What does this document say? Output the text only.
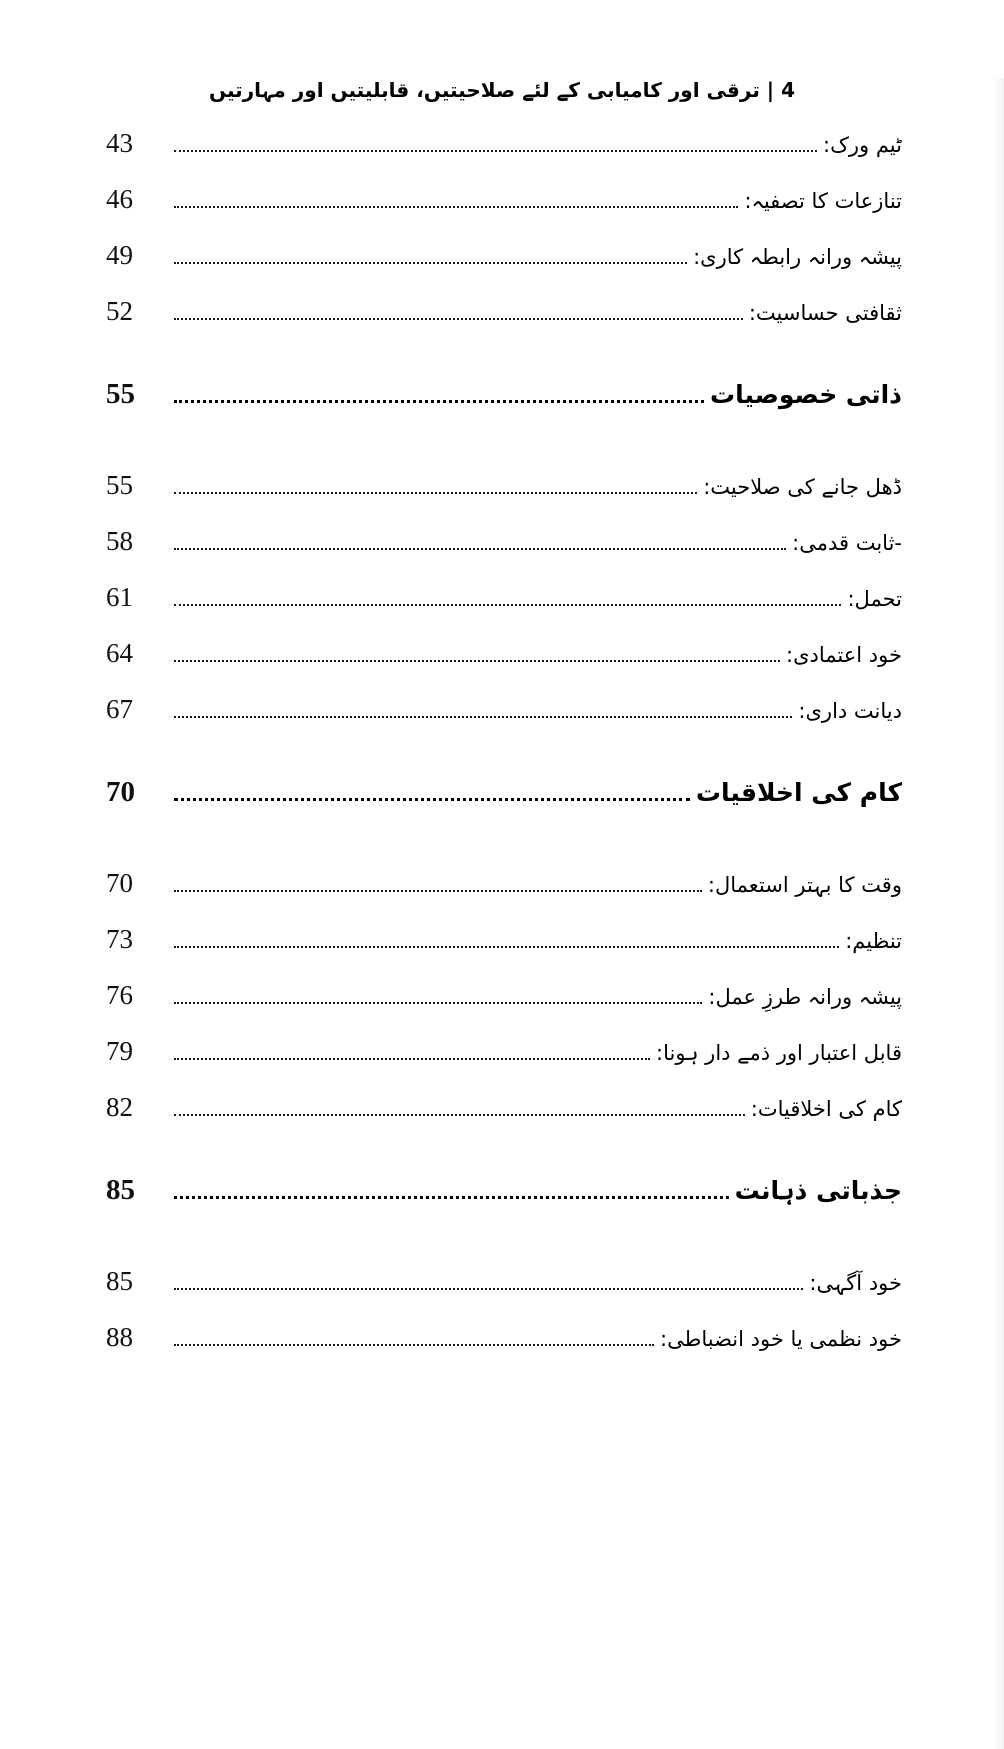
4 | ترقی اور کامیابی کے لئے صلاحیتیں، قابلیتیں اور مہارتیں
43	ٹیم ورک:
46	تنازعات کا تصفیہ:
49	پیشہ ورانہ رابطہ کاری:
52	ثقافتی حساسیت:
55	ذاتی خصوصیات
55	ڈھل جانے کی صلاحیت:
58	-ثابت قدمی:
61	تحمل:
64	خود اعتمادی:
67	دیانت داری:
70	کام کی اخلاقیات
70	وقت کا بہتر استعمال:
73	تنظیم:
76	پیشہ ورانہ طرزِ عمل:
79	قابل اعتبار اور ذمے دار ہونا:
82	کام کی اخلاقیات:
85	جذباتی ذہانت
85	خود آگہی:
88	خود نظمی یا خود انضباطی:
